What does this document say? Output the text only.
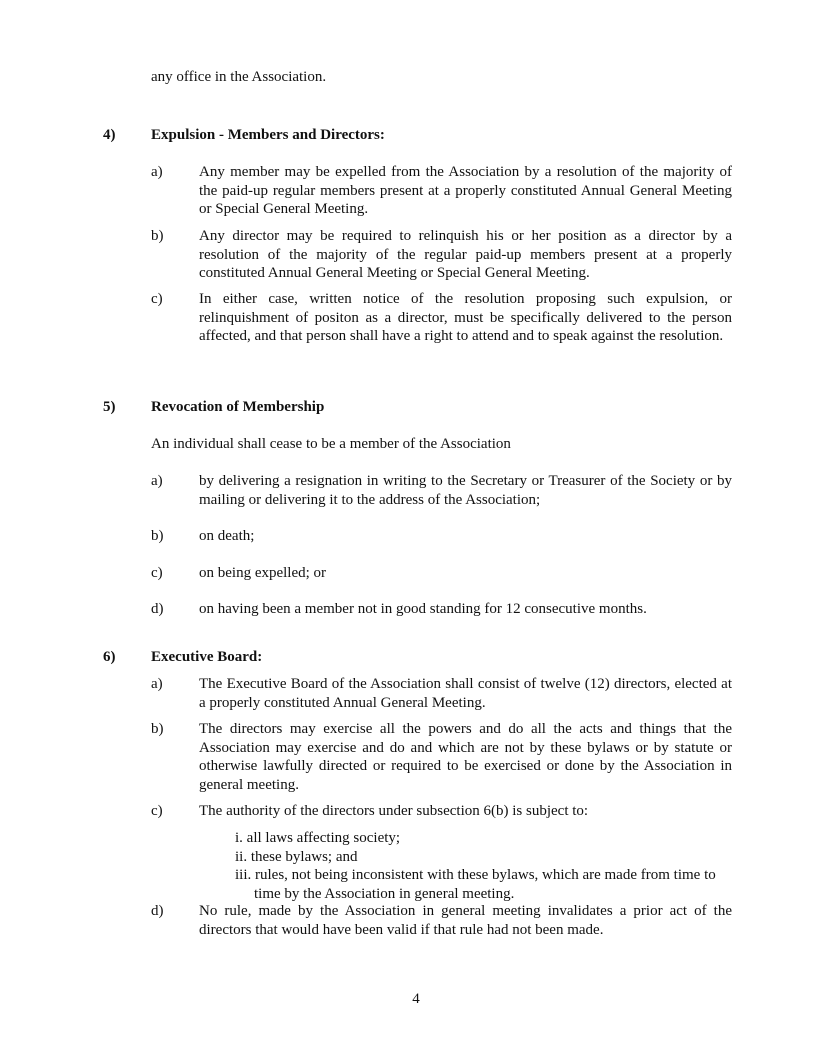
any office in the Association.
4) Expulsion - Members and Directors:
a) Any member may be expelled from the Association by a resolution of the majority of the paid-up regular members present at a properly constituted Annual General Meeting or Special General Meeting.
b) Any director may be required to relinquish his or her position as a director by a resolution of the majority of the regular paid-up members present at a properly constituted Annual General Meeting or Special General Meeting.
c) In either case, written notice of the resolution proposing such expulsion, or relinquishment of positon as a director, must be specifically delivered to the person affected, and that person shall have a right to attend and to speak against the resolution.
5) Revocation of Membership
An individual shall cease to be a member of the Association
a) by delivering a resignation in writing to the Secretary or Treasurer of the Society or by mailing or delivering it to the address of the Association;
b) on death;
c) on being expelled; or
d) on having been a member not in good standing for 12 consecutive months.
6) Executive Board:
a) The Executive Board of the Association shall consist of twelve (12) directors, elected at a properly constituted Annual General Meeting.
b) The directors may exercise all the powers and do all the acts and things that the Association may exercise and do and which are not by these bylaws or by statute or otherwise lawfully directed or required to be exercised or done by the Association in general meeting.
c) The authority of the directors under subsection 6(b) is subject to:
i. all laws affecting society;
ii. these bylaws; and
iii. rules, not being inconsistent with these bylaws, which are made from time to time by the Association in general meeting.
d) No rule, made by the Association in general meeting invalidates a prior act of the directors that would have been valid if that rule had not been made.
4
